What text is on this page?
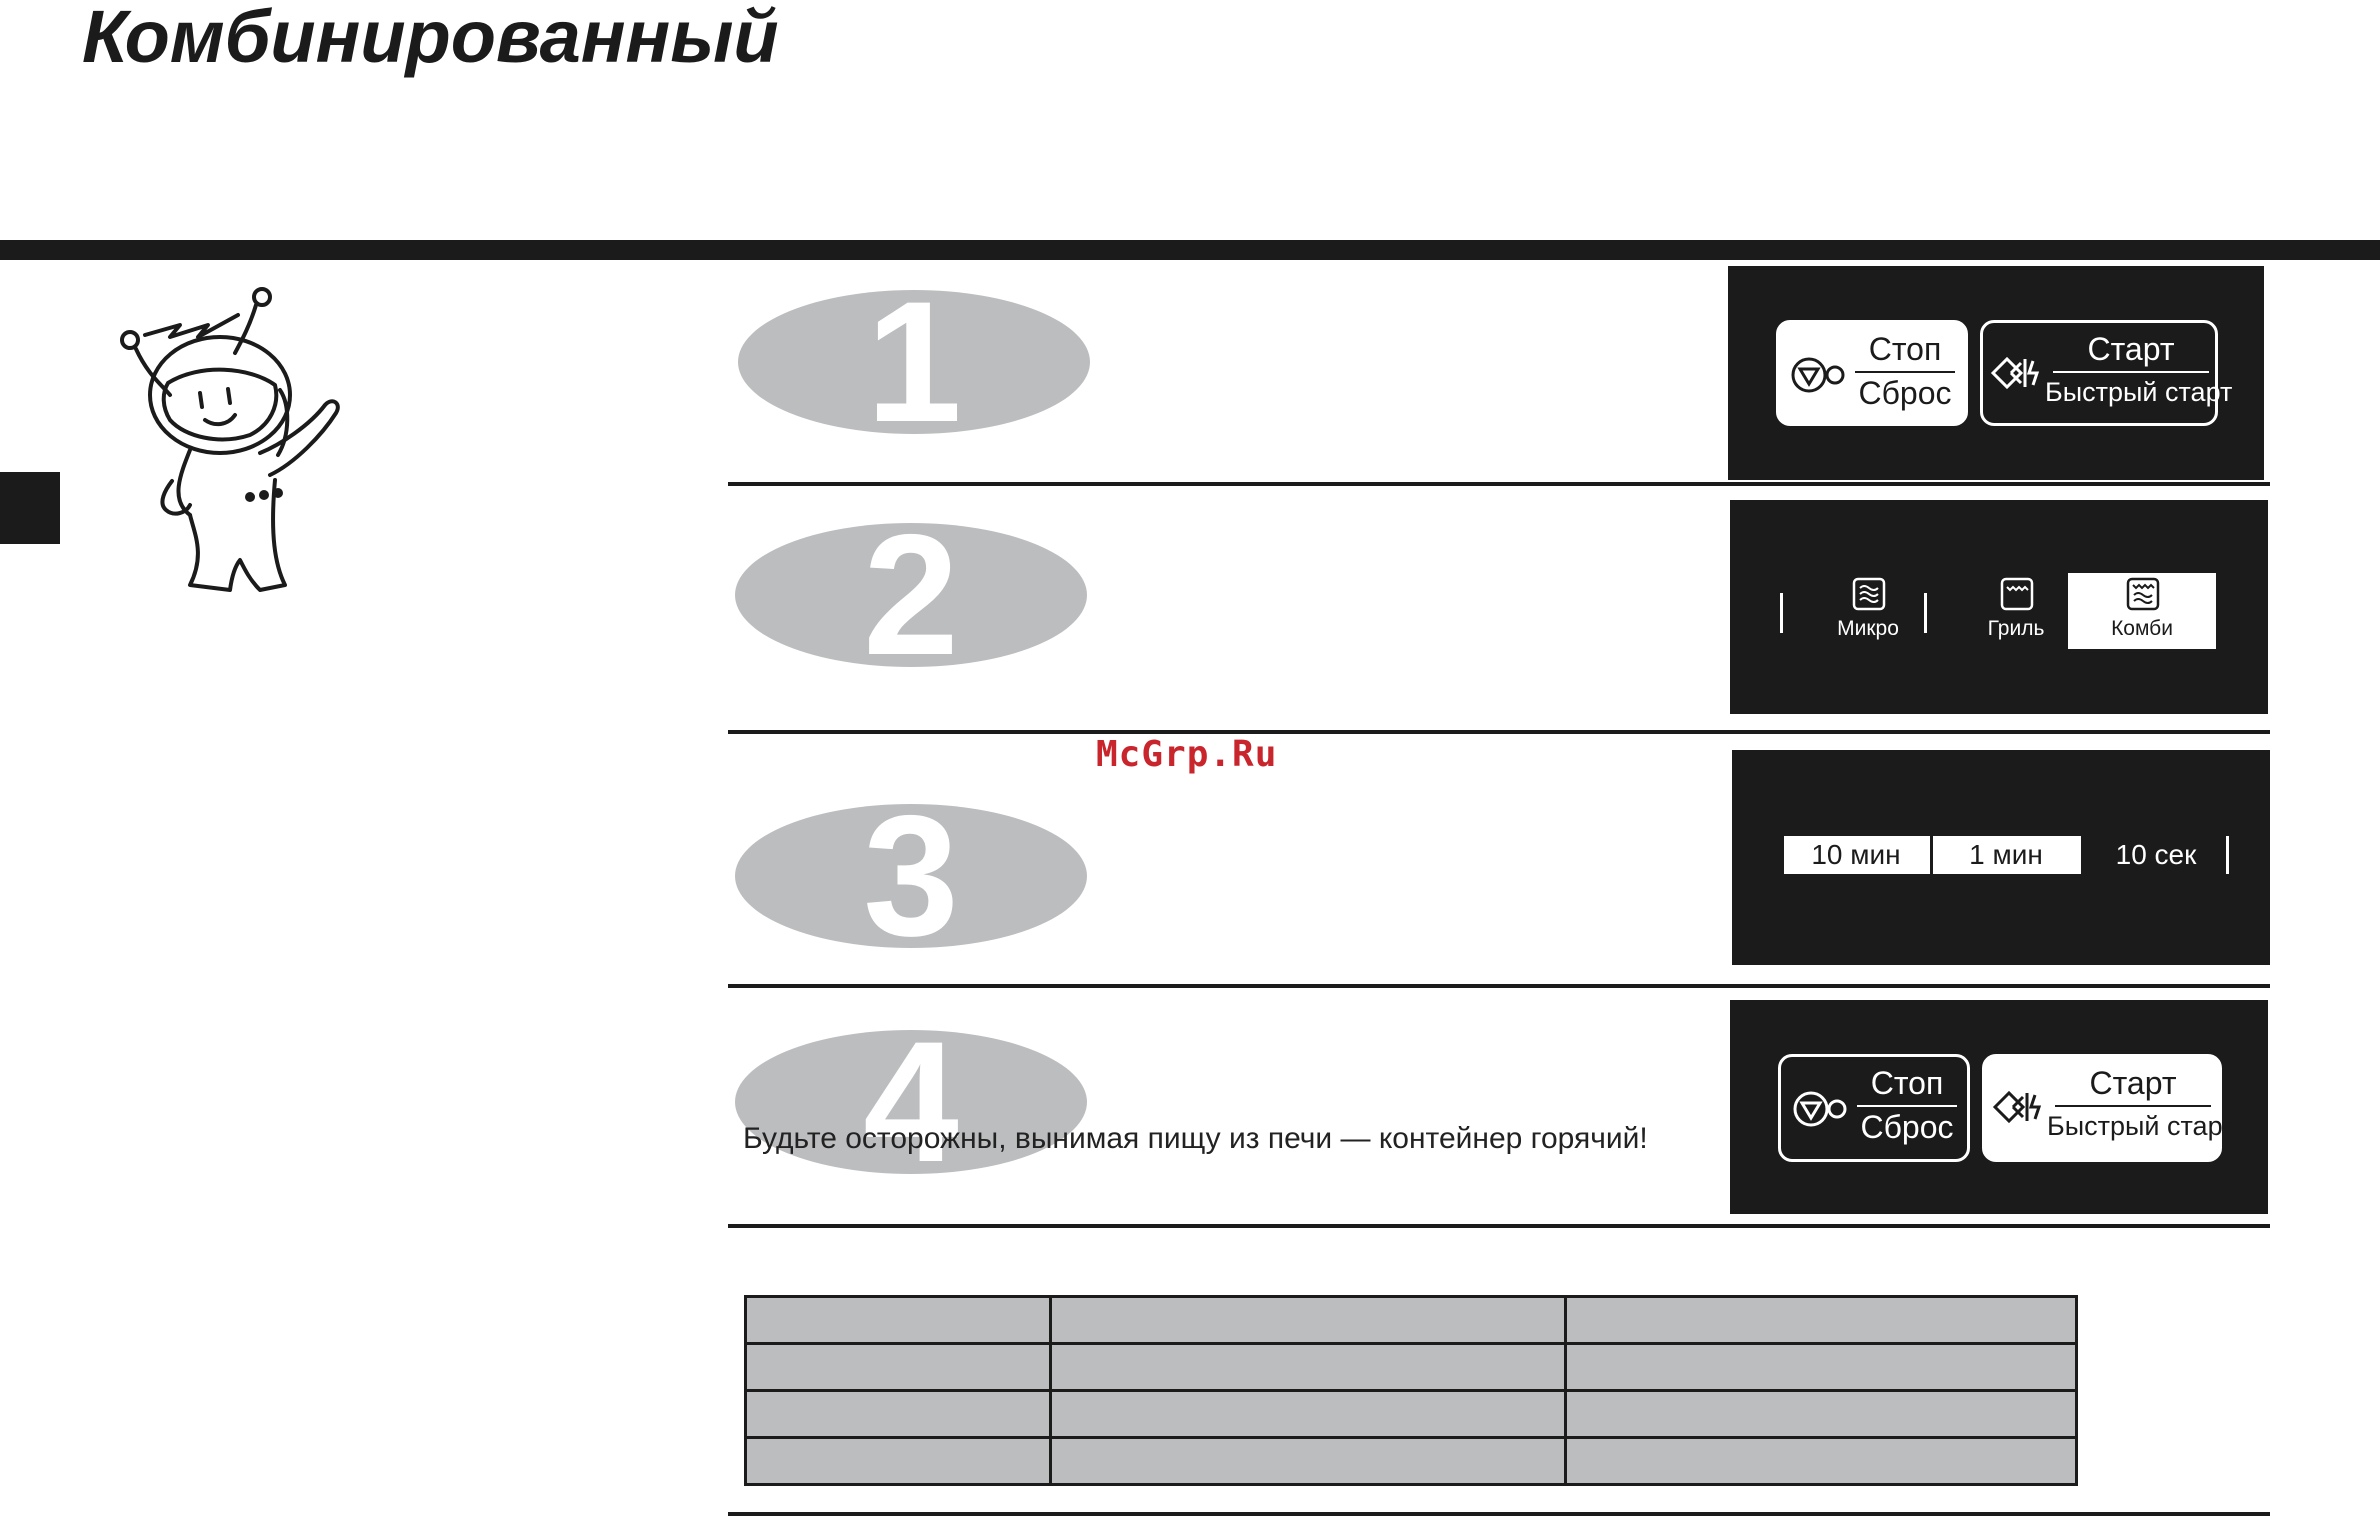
Комбинированный
1	Стоп
Сброс
Старт
Быстрый старт
2	Микро	Гриль	Комби
McGrp.Ru
3	10 мин	1 мин	10 сек
4
Будьте осторожны, вынимая пищу из печи — контейнер горячий!
Стоп
Сброс
Старт
Быстрый старт
